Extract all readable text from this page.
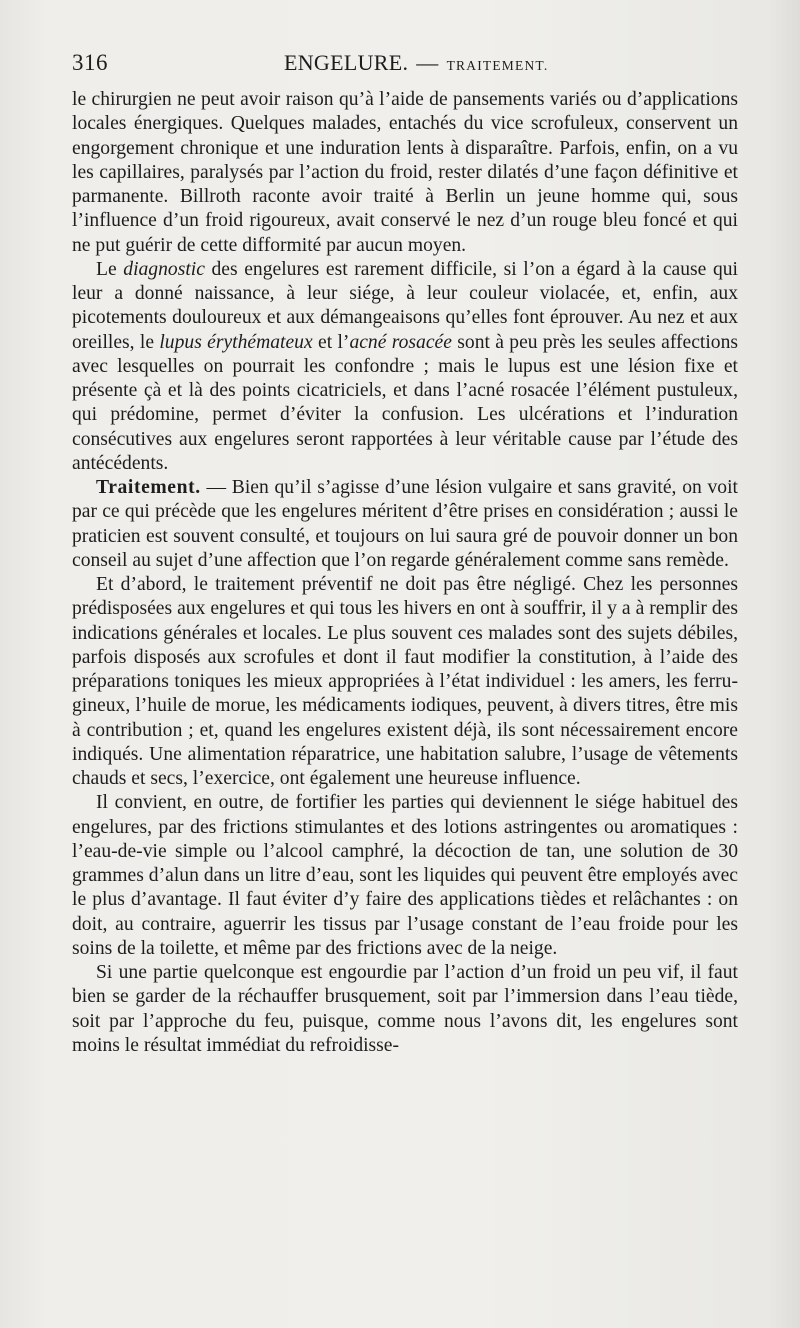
316	ENGELURE. — TRAITEMENT.

le chirurgien ne peut avoir raison qu’à l’aide de pansements variés ou d’applications locales énergiques. Quelques malades, entachés du vice scrofuleux, conservent un engorgement chronique et une induration lents à disparaître. Parfois, enfin, on a vu les capillaires, paralysés par l’action du froid, rester dilatés d’une façon définitive et parmanente. Billroth raconte avoir traité à Berlin un jeune homme qui, sous l’influence d’un froid rigoureux, avait conservé le nez d’un rouge bleu foncé et qui ne put guérir de cette difformité par aucun moyen.

Le diagnostic des engelures est rarement difficile, si l’on a égard à la cause qui leur a donné naissance, à leur siége, à leur couleur violacée, et, enfin, aux picotements douloureux et aux démangeaisons qu’elles font éprouver. Au nez et aux oreilles, le lupus érythémateux et l’acné rosacée sont à peu près les seules affections avec lesquelles on pourrait les confondre ; mais le lupus est une lésion fixe et présente çà et là des points cicatriciels, et dans l’acné rosacée l’élément pustuleux, qui prédomine, permet d’éviter la confusion. Les ulcérations et l’induration consécutives aux engelures seront rapportées à leur véritable cause par l’étude des antécédents.

Traitement. — Bien qu’il s’agisse d’une lésion vulgaire et sans gravité, on voit par ce qui précède que les engelures méritent d’être prises en considération ; aussi le praticien est souvent consulté, et toujours on lui saura gré de pouvoir donner un bon conseil au sujet d’une affection que l’on regarde généralement comme sans remède.

Et d’abord, le traitement préventif ne doit pas être négligé. Chez les personnes prédisposées aux engelures et qui tous les hivers en ont à souffrir, il y a à remplir des indications générales et locales. Le plus souvent ces malades sont des sujets débiles, parfois disposés aux scrofules et dont il faut modifier la constitution, à l’aide des préparations toniques les mieux appropriées à l’état individuel : les amers, les ferrugineux, l’huile de morue, les médicaments iodiques, peuvent, à divers titres, être mis à contribution ; et, quand les engelures existent déjà, ils sont nécessairement encore indiqués. Une alimentation réparatrice, une habitation salubre, l’usage de vêtements chauds et secs, l’exercice, ont également une heureuse influence.

Il convient, en outre, de fortifier les parties qui deviennent le siége habituel des engelures, par des frictions stimulantes et des lotions astringentes ou aromatiques : l’eau-de-vie simple ou l’alcool camphré, la décoction de tan, une solution de 30 grammes d’alun dans un litre d’eau, sont les liquides qui peuvent être employés avec le plus d’avantage. Il faut éviter d’y faire des applications tièdes et relâchantes : on doit, au contraire, aguerrir les tissus par l’usage constant de l’eau froide pour les soins de la toilette, et même par des frictions avec de la neige.

Si une partie quelconque est engourdie par l’action d’un froid un peu vif, il faut bien se garder de la réchauffer brusquement, soit par l’immersion dans l’eau tiède, soit par l’approche du feu, puisque, comme nous l’avons dit, les engelures sont moins le résultat immédiat du refroidisse-
